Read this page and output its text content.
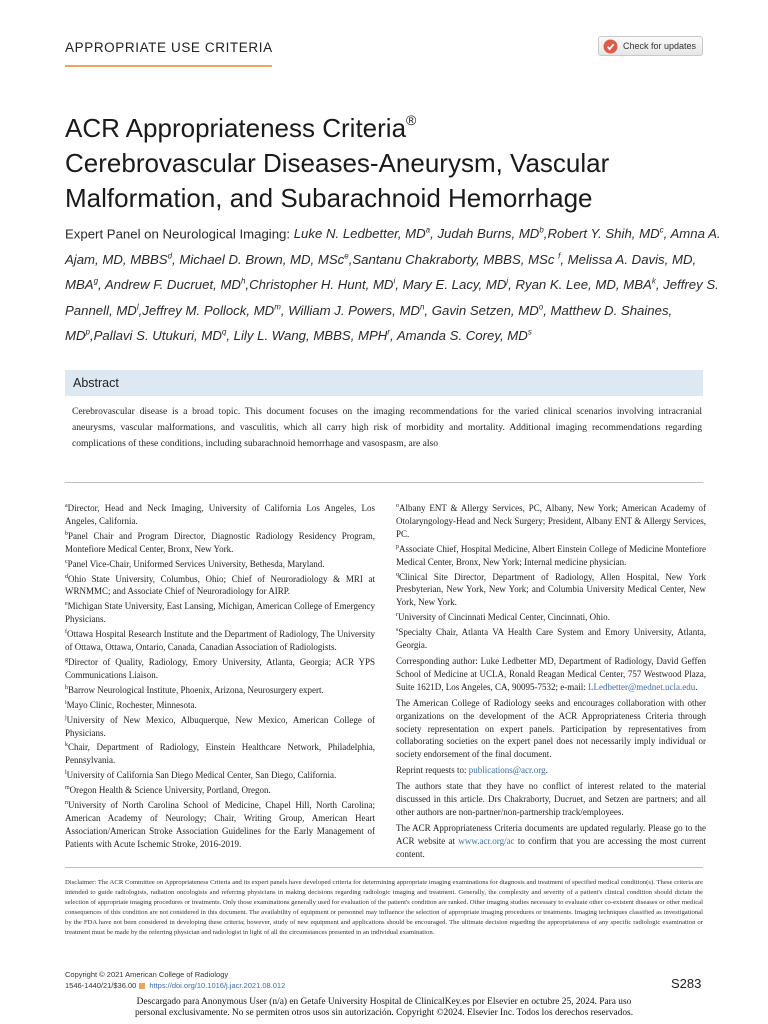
APPROPRIATE USE CRITERIA	Check for updates
ACR Appropriateness Criteria®
Cerebrovascular Diseases-Aneurysm, Vascular
Malformation, and Subarachnoid Hemorrhage
Expert Panel on Neurological Imaging: Luke N. Ledbetter, $MD^a$, Judah Burns, $MD^b,Robert$ Y. Shih, $MD^c$, Amna A. Ajam, MD, MBBS$^d$, Michael D. Brown, MD, MSc$^e$,Santanu Chakraborty, MBBS, MSc $^f$, Melissa A. Davis, MD, MBA$^g$, Andrew F. Ducruet, $MD^h,Christopher$ H. Hunt, $MD^i$, Mary E. Lacy, $MD^j$, Ryan K. Lee, MD, MBA$^k$, Jeffrey S. Pannell, $MD^l,Jeffrey$ M. Pollock, $MD^m$, William J. Powers, $MD^n$, Gavin Setzen, $MD^o$, Matthew D. Shaines, $MD^p,Pallavi$ S. Utukuri, $MD^q$, Lily L. Wang, MBBS, MPH$^r$, Amanda S. Corey, $MD^s$
Abstract
Cerebrovascular disease is a broad topic. This document focuses on the imaging recommendations for the varied clinical scenarios involving intracranial aneurysms, vascular malformations, and vasculitis, which all carry high risk of morbidity and mortality. Additional imaging recommendations regarding complications of these conditions, including subarachnoid hemorrhage and vasospasm, are also

$^a$Director, Head and Neck Imaging, University of California Los Angeles, Los Angeles, California.

$^b$Panel Chair and Program Director, Diagnostic Radiology Residency Program, Montefiore Medical Center, Bronx, New York.

$^c$Panel Vice-Chair, Uniformed Services University, Bethesda, Maryland.

$^d$Ohio State University, Columbus, Ohio; Chief of Neuroradiology & MRI at WRNMMC; and Associate Chief of Neuroradiology for AIRP.

$^e$Michigan State University, East Lansing, Michigan, American College of Emergency Physicians.

$^f$Ottawa Hospital Research Institute and the Department of Radiology, The University of Ottawa, Ottawa, Ontario, Canada, Canadian Association of Radiologists.

$^g$Director of Quality, Radiology, Emory University, Atlanta, Georgia; ACR YPS Communications Liaison.

$^h$Barrow Neurological Institute, Phoenix, Arizona, Neurosurgery expert.

$^i$Mayo Clinic, Rochester, Minnesota.

$^j$University of New Mexico, Albuquerque, New Mexico, American College of Physicians.

$^k$Chair, Department of Radiology, Einstein Healthcare Network, Philadelphia, Pennsylvania.

$^l$University of California San Diego Medical Center, San Diego, California.

$^m$Oregon Health & Science University, Portland, Oregon.

$^n$University of North Carolina School of Medicine, Chapel Hill, North Carolina; American Academy of Neurology; Chair, Writing Group, American Heart Association/American Stroke Association Guidelines for the Early Management of Patients with Acute Ischemic Stroke, 2016-2019.

$^o$Albany ENT & Allergy Services, PC, Albany, New York; American Academy of Otolaryngology-Head and Neck Surgery; President, Albany ENT & Allergy Services, PC.

$^p$Associate Chief, Hospital Medicine, Albert Einstein College of Medicine Montefiore Medical Center, Bronx, New York; Internal medicine physician.

$^q$Clinical Site Director, Department of Radiology, Allen Hospital, New York Presbyterian, New York, New York; and Columbia University Medical Center, New York, New York.

$^r$University of Cincinnati Medical Center, Cincinnati, Ohio.

$^s$Specialty Chair, Atlanta VA Health Care System and Emory University, Atlanta, Georgia.

Corresponding author: Luke Ledbetter MD, Department of Radiology, David Geffen School of Medicine at UCLA, Ronald Reagan Medical Center, 757 Westwood Plaza, Suite 1621D, Los Angeles, CA, 90095-7532; e-mail: LLedbetter@mednet.ucla.edu.

The American College of Radiology seeks and encourages collaboration with other organizations on the development of the ACR Appropriateness Criteria through society representation on expert panels. Participation by representatives from collaborating societies on the expert panel does not necessarily imply individual or society endorsement of the final document.

Reprint requests to: publications@acr.org.

The authors state that they have no conflict of interest related to the material discussed in this article. Drs Chakraborty, Ducruet, and Setzen are partners; and all other authors are non-partner/non-partnership track/employees.

The ACR Appropriateness Criteria documents are updated regularly. Please go to the ACR website at www.acr.org/ac to confirm that you are accessing the most current content.

Disclaimer: The ACR Committee on Appropriateness Criteria and its expert panels have developed criteria for determining appropriate imaging examinations for diagnosis and treatment of specified medical condition(s). These criteria are intended to guide radiologists, radiation oncologists and referring physicians in making decisions regarding radiologic imaging and treatment. Generally, the complexity and severity of a patient's clinical condition should dictate the selection of appropriate imaging procedures or treatments. Only those examinations generally used for evaluation of the patient's condition are ranked. Other imaging studies necessary to evaluate other co-existent diseases or other medical consequences of this condition are not considered in this document. The availability of equipment or personnel may influence the selection of appropriate imaging procedures or treatments. Imaging techniques classified as investigational by the FDA have not been considered in developing these criteria; however, study of new equipment and applications should be encouraged. The ultimate decision regarding the appropriateness of any specific radiologic examination or treatment must be made by the referring physician and radiologist in light of all the circumstances presented in an individual examination.
Copyright © 2021 American College of Radiology
1546-1440/21/$36.00 https://doi.org/10.1016/j.jacr.2021.08.012	S283
Descargado para Anonymous User (n/a) en Getafe University Hospital de ClinicalKey.es por Elsevier en octubre 25, 2024. Para uso
personal exclusivamente. No se permiten otros usos sin autorización. Copyright ©2024. Elsevier Inc. Todos los derechos reservados.
